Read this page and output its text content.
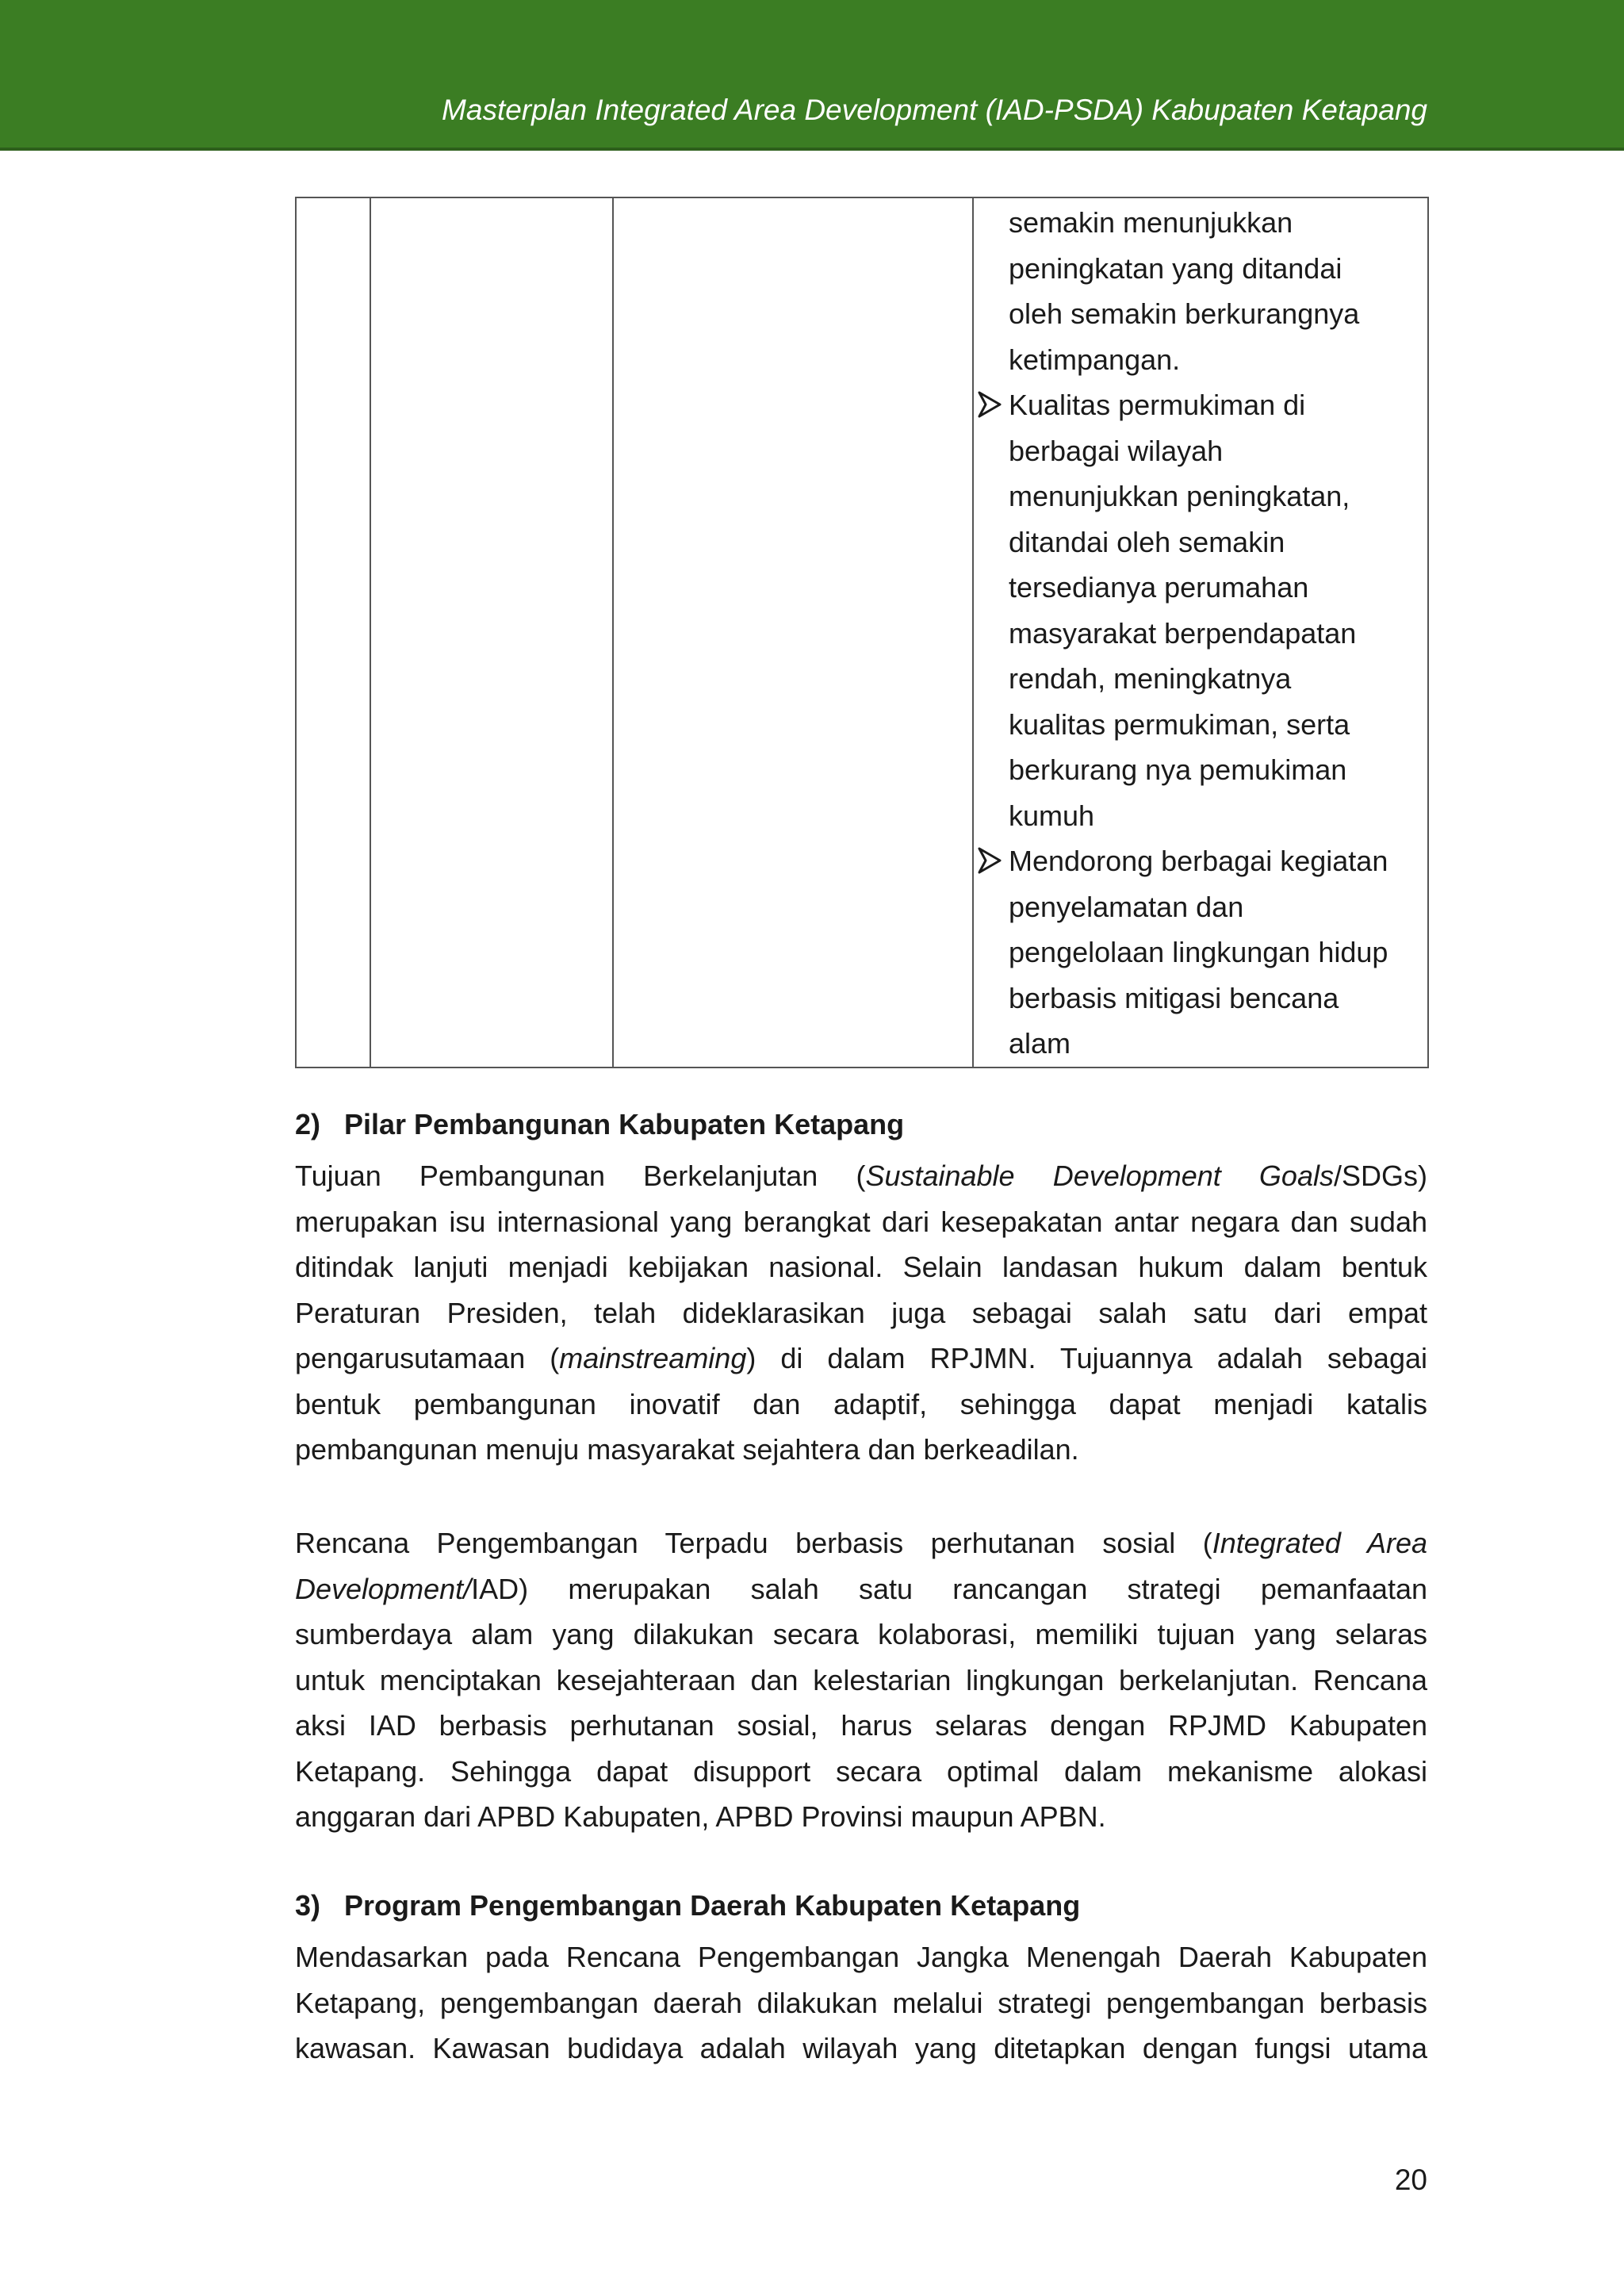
Masterplan Integrated Area Development (IAD-PSDA) Kabupaten Ketapang

semakin menunjukkan
peningkatan yang ditandai
oleh semakin berkurangnya
ketimpangan.
Kualitas permukiman di
berbagai wilayah
menunjukkan peningkatan,
ditandai oleh semakin
tersedianya perumahan
masyarakat berpendapatan
rendah, meningkatnya
kualitas permukiman, serta
berkurang nya pemukiman
kumuh
Mendorong berbagai kegiatan
penyelamatan dan
pengelolaan lingkungan hidup
berbasis mitigasi bencana
alam
2) Pilar Pembangunan Kabupaten Ketapang
Tujuan Pembangunan Berkelanjutan (Sustainable Development Goals/SDGs)
merupakan isu internasional yang berangkat dari kesepakatan antar negara dan sudah
ditindak lanjuti menjadi kebijakan nasional. Selain landasan hukum dalam bentuk
Peraturan Presiden, telah dideklarasikan juga sebagai salah satu dari empat
pengarusutamaan (mainstreaming) di dalam RPJMN. Tujuannya adalah sebagai
bentuk pembangunan inovatif dan adaptif, sehingga dapat menjadi katalis
pembangunan menuju masyarakat sejahtera dan berkeadilan.
Rencana Pengembangan Terpadu berbasis perhutanan sosial (Integrated Area
Development/IAD) merupakan salah satu rancangan strategi pemanfaatan
sumberdaya alam yang dilakukan secara kolaborasi, memiliki tujuan yang selaras
untuk menciptakan kesejahteraan dan kelestarian lingkungan berkelanjutan. Rencana
aksi IAD berbasis perhutanan sosial, harus selaras dengan RPJMD Kabupaten
Ketapang. Sehingga dapat disupport secara optimal dalam mekanisme alokasi
anggaran dari APBD Kabupaten, APBD Provinsi maupun APBN.
3) Program Pengembangan Daerah Kabupaten Ketapang
Mendasarkan pada Rencana Pengembangan Jangka Menengah Daerah Kabupaten
Ketapang, pengembangan daerah dilakukan melalui strategi pengembangan berbasis
kawasan. Kawasan budidaya adalah wilayah yang ditetapkan dengan fungsi utama
20
